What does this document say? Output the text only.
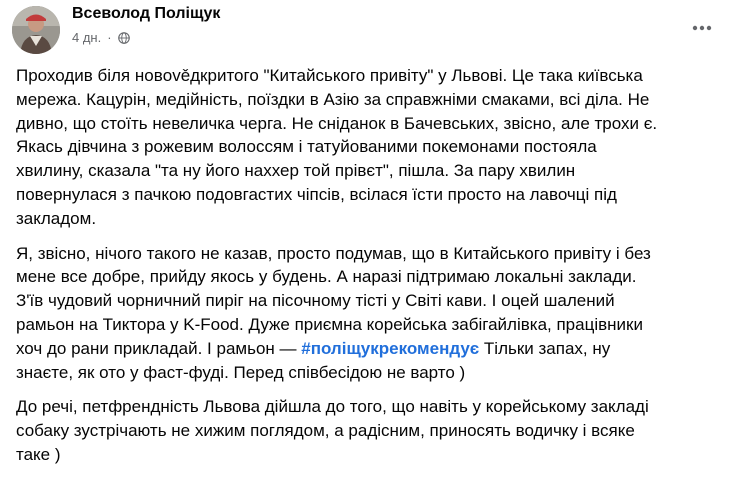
Всеволод Поліщук
4 дн. ·

Проходив біля новověдкритого "Китайського привіту" у Львові. Це така київська
мережа. Кацурін, медійність, поїздки в Азію за справжніми смаками, всі діла. Не
дивно, що стоїть невеличка черга. Не сніданок в Бачевських, звісно, але трохи є.
Якась дівчина з рожевим волоссям і татуйованими покемонами постояла
хвилину, сказала "та ну його наххер той прівєт", пішла. За пару хвилин
повернулася з пачкою подовгастих чіпсів, всілася їсти просто на лавочці під
закладом.

Я, звісно, нічого такого не казав, просто подумав, що в Китайського привіту і без
мене все добре, прийду якось у будень. А наразі підтримаю локальні заклади.
З'їв чудовий чорничний пиріг на пісочному тісті у Світі кави. І оцей шалений
рамьон на Тиктора у K-Food. Дуже приємна корейська забігайлівка, працівники
хоч до рани прикладай. І рамьон — #поліщукрекомендує Тільки запах, ну
знаєте, як ото у фаст-фуді. Перед співбесідою не варто )

До речі, петфрендність Львова дійшла до того, що навіть у корейському закладі
собаку зустрічають не хижим поглядом, а радісним, приносять водичку і всяке
таке )
